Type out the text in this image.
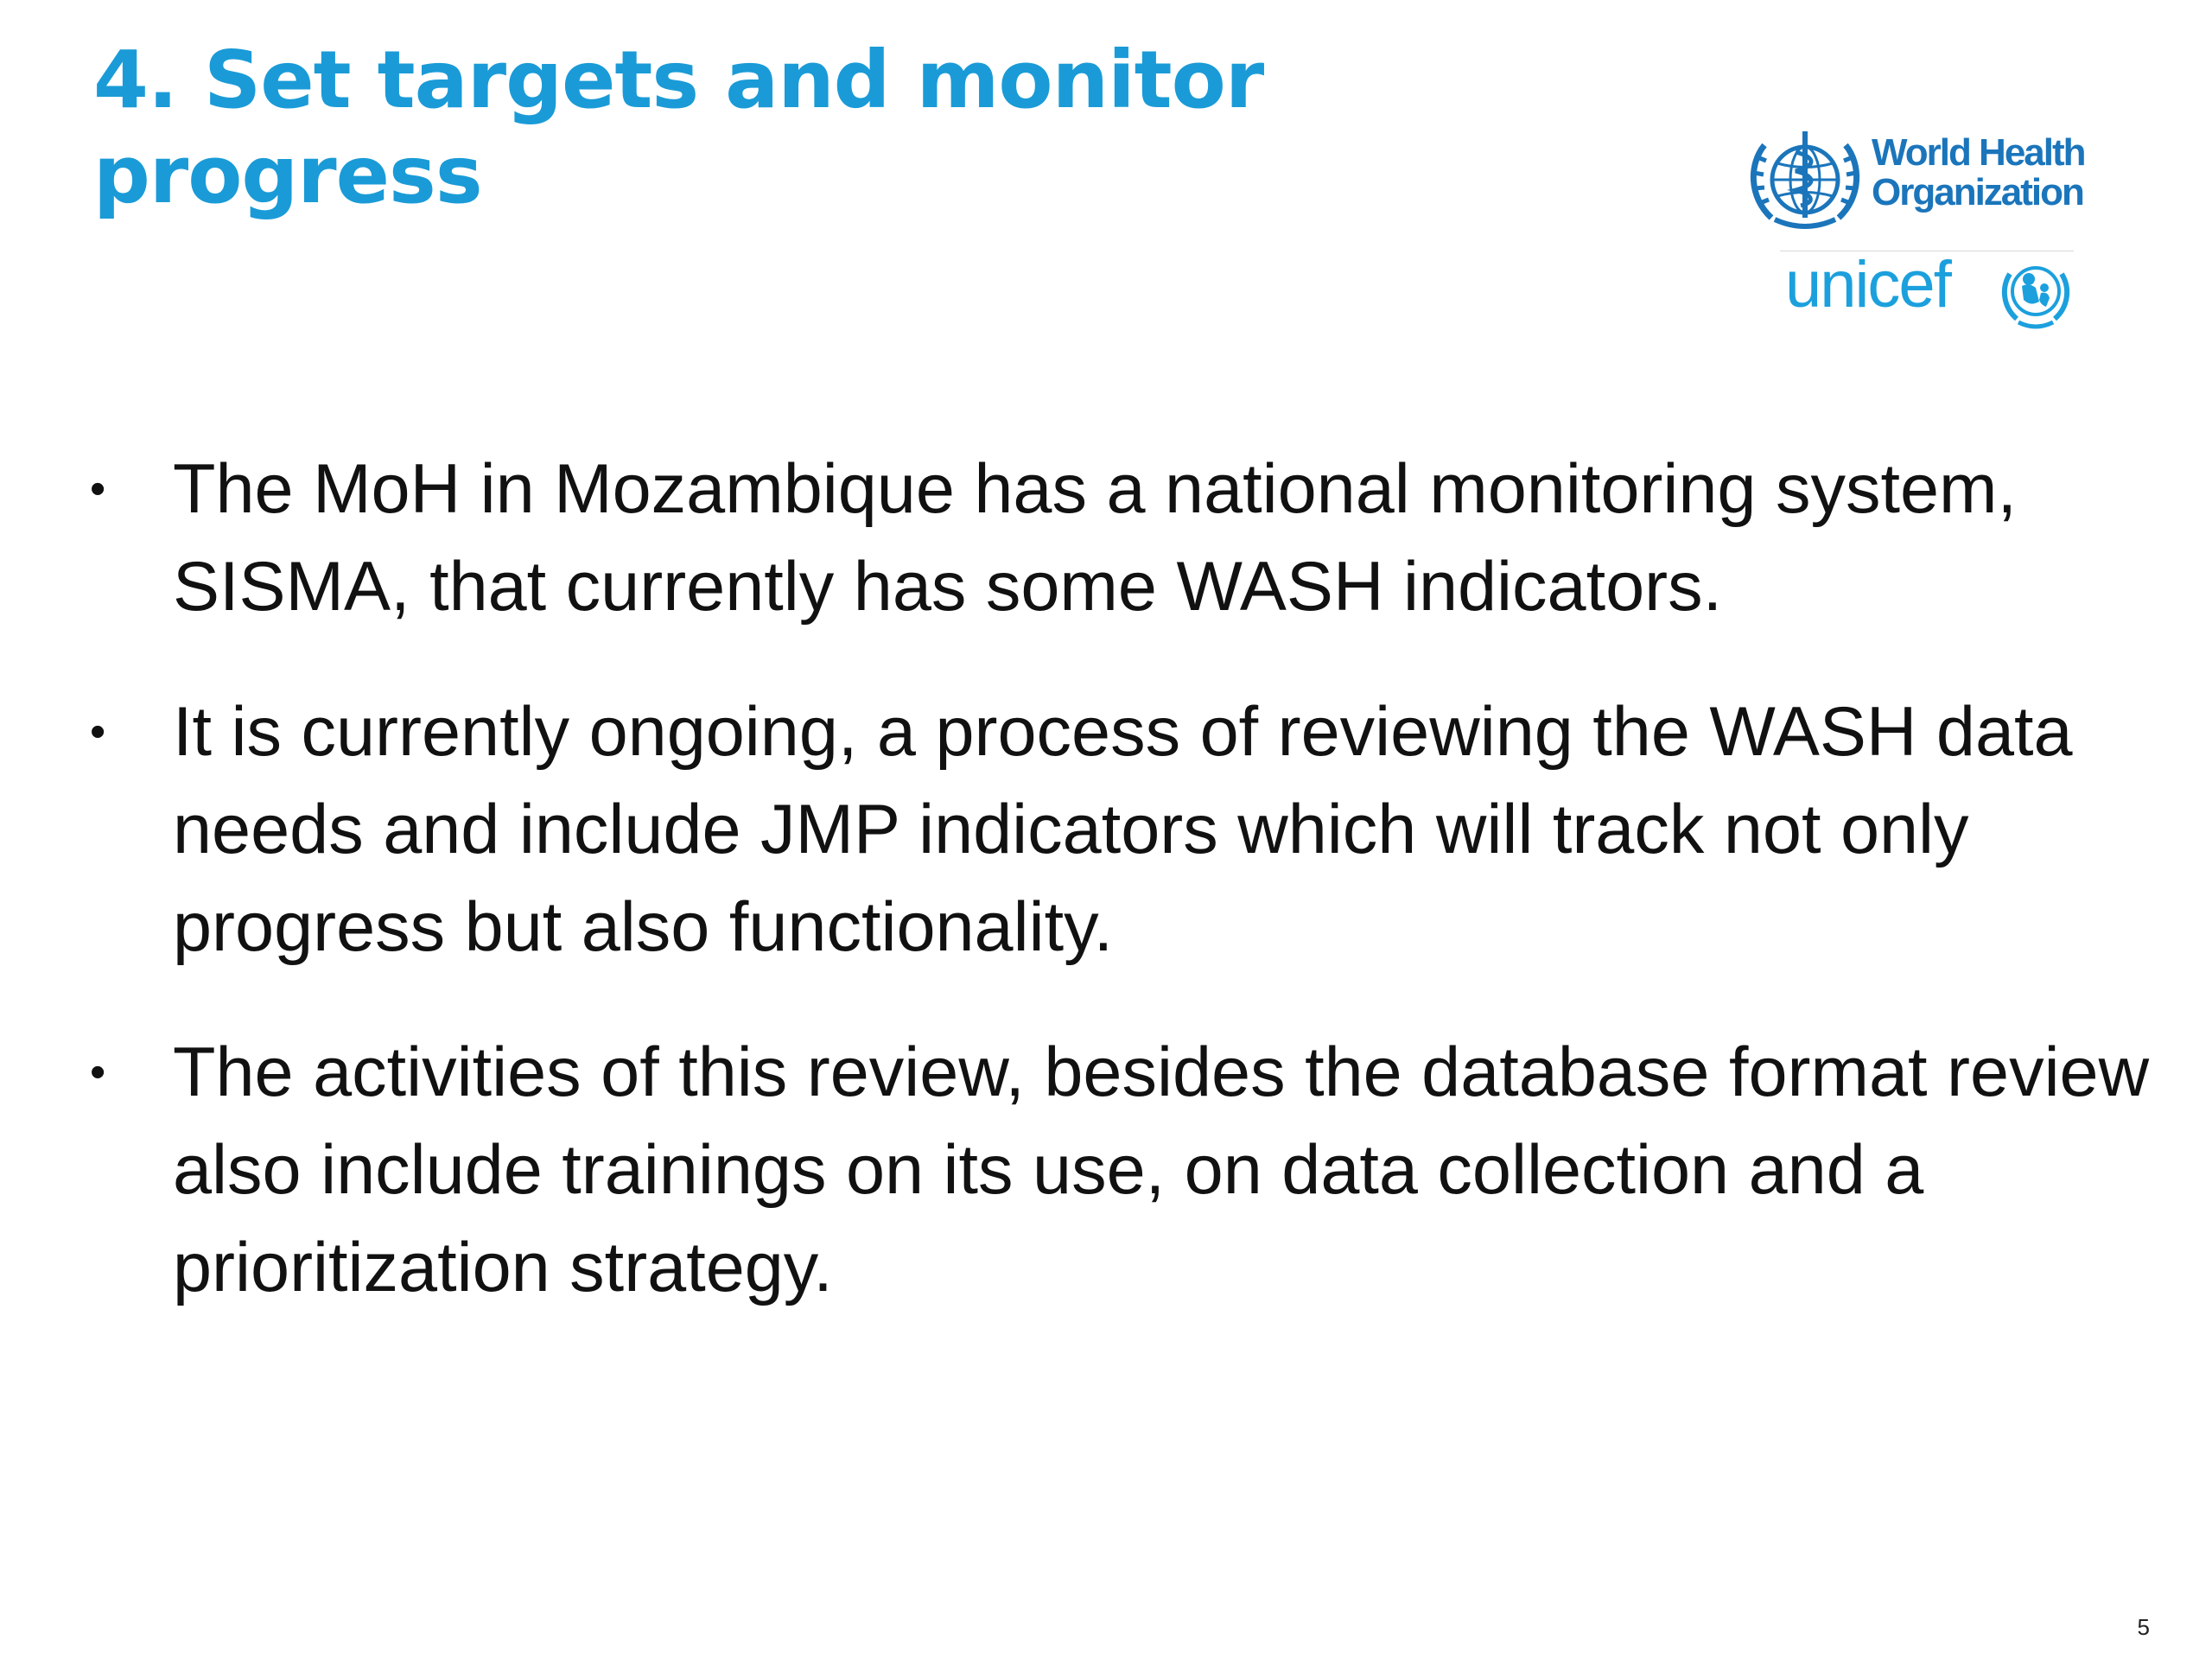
4. Set targets and monitor
progress	World Health
Organization
unicef
• The MoH in Mozambique has a national monitoring system, SISMA, that currently has some WASH indicators.
• It is currently ongoing, a process of reviewing the WASH data needs and include JMP indicators which will track not only progress but also functionality.
• The activities of this review, besides the database format review also include trainings on its use, on data collection and a prioritization strategy.
5
